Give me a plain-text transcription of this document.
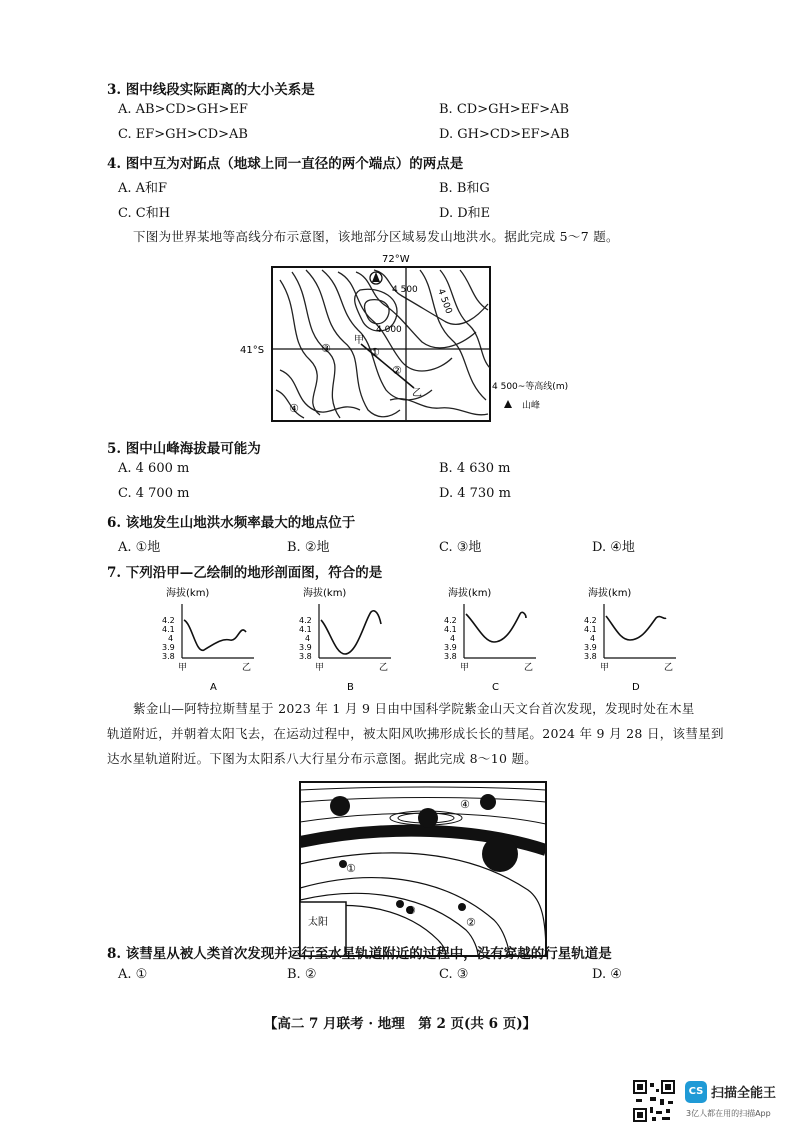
3. 图中线段实际距离的大小关系是
A. AB>CD>GH>EF	B. CD>GH>EF>AB
C. EF>GH>CD>AB	D. GH>CD>EF>AB
4. 图中互为对跖点（地球上同一直径的两个端点）的两点是
A. A和F	B. B和G
C. C和H	D. D和E
下图为世界某地等高线分布示意图，该地部分区域易发山地洪水。据此完成 5～7 题。
72°W
41°S
4 500 4 500
4 000
甲
乙
①
②
③
④
4 500~等高线(m)
山峰
5. 图中山峰海拔最可能为
A. 4 600 m	B. 4 630 m
C. 4 700 m	D. 4 730 m
6. 该地发生山地洪水频率最大的地点位于
A. ①地	B. ②地	C. ③地	D. ④地
7. 下列沿甲—乙绘制的地形剖面图，符合的是
海拔(km)
4.2
4.1
4
3.9
3.8
甲	乙
A
海拔(km)
4.2
4.1
4
3.9
3.8
甲	乙
B
海拔(km)
4.2
4.1
4
3.9
3.8
甲	乙
C
海拔(km)
4.2
4.1
4
3.9
3.8
甲	乙
D
紫金山—阿特拉斯彗星于 2023 年 1 月 9 日由中国科学院紫金山天文台首次发现，发现时处在木星
轨道附近，并朝着太阳飞去，在运动过程中，被太阳风吹拂形成长长的彗尾。2024 年 9 月 28 日，该彗星到
达水星轨道附近。下图为太阳系八大行星分布示意图。据此完成 8～10 题。
太阳
①
②
③
④
8. 该彗星从被人类首次发现并运行至水星轨道附近的过程中，没有穿越的行星轨道是
A. ①	B. ②	C. ③	D. ④
【高二 7 月联考 · 地理　第 2 页(共 6 页)】
CS 扫描全能王
3亿人都在用的扫描App
